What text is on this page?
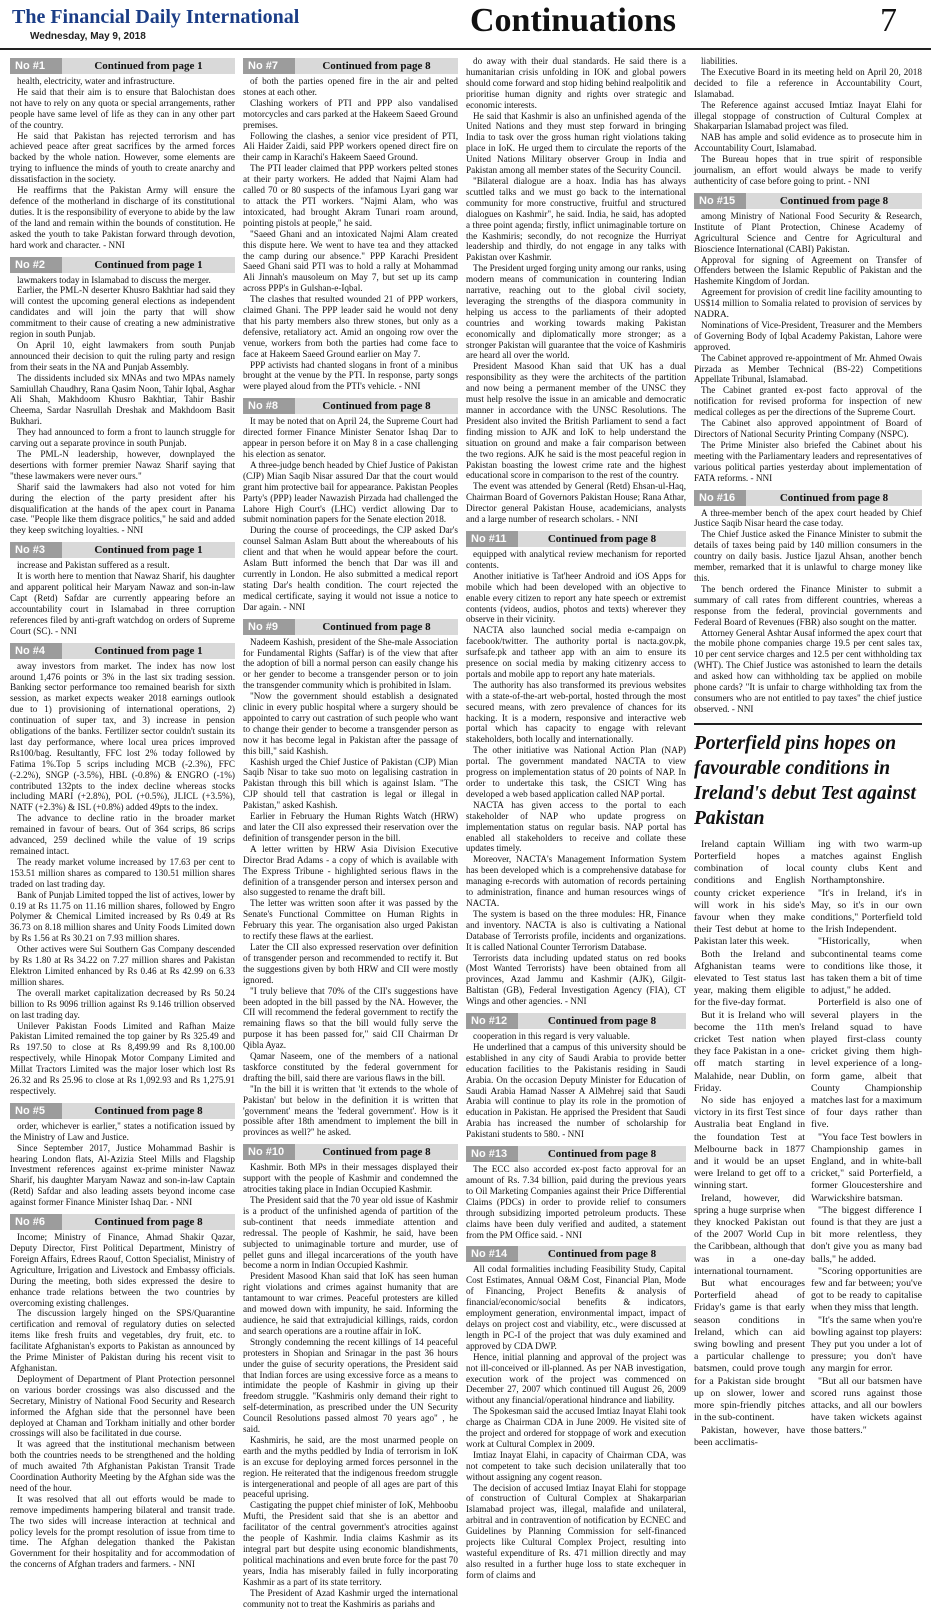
The Financial Daily International
Wednesday, May 9, 2018	Continuations	7
No #1	Continued from page 1

health, electricity, water and infrastructure.

He said that their aim is to ensure that Balochistan does not have to rely on any quota or special arrangements, rather people have same level of life as they can in any other part of the country.

He said that Pakistan has rejected terrorism and has achieved peace after great sacrifices by the armed forces backed by the whole nation. However, some elements are trying to influence the minds of youth to create anarchy and dissatisfaction in the society.

He reaffirms that the Pakistan Army will ensure the defence of the motherland in discharge of its constitutional duties. It is the responsibility of everyone to abide by the law of the land and remain within the bounds of constitution. He asked the youth to take Pakistan forward through devotion, hard work and character. - NNI

No #2	Continued from page 1

lawmakers today in Islamabad to discuss the merger.

Earlier, the PML-N deserter Khusro Bakhtiar had said they will contest the upcoming general elections as independent candidates and will join the party that will show commitment to their cause of creating a new administrative region in south Punjab.

On April 10, eight lawmakers from south Punjab announced their decision to quit the ruling party and resign from their seats in the NA and Punjab Assembly.

The dissidents included six MNAs and two MPAs namely Samiullah Chaudhry, Rana Qasim Noon, Tahir Iqbal, Asghar Ali Shah, Makhdoom Khusro Bakhtiar, Tahir Bashir Cheema, Sardar Nasrullah Dreshak and Makhdoom Basit Bukhari.

They had announced to form a front to launch struggle for carving out a separate province in south Punjab.

The PML-N leadership, however, downplayed the desertions with former premier Nawaz Sharif saying that "these lawmakers were never ours."

Sharif said the lawmakers had also not voted for him during the election of the party president after his disqualification at the hands of the apex court in Panama case. "People like them disgrace politics," he said and added they keep switching loyalties. - NNI

No #3	Continued from page 1

increase and Pakistan suffered as a result.

It is worth here to mention that Nawaz Sharif, his daughter and apparent political heir Maryam Nawaz and son-in-law Capt (Retd) Safdar are currently appearing before an accountability court in Islamabad in three corruption references filed by anti-graft watchdog on orders of Supreme Court (SC). - NNI

No #4	Continued from page 1

away investors from market. The index has now lost around 1,476 points or 3% in the last six trading session. Banking sector performance too remained bearish for sixth session, as market expects weaker 2018 earnings outlook due to 1) provisioning of international operations, 2) continuation of super tax, and 3) increase in pension obligations of the banks. Fertilizer sector couldn't sustain its last day performance, where local urea prices improved Rs100/bag. Resultantly, FFC lost 2% today followed by Fatima 1%.Top 5 scrips including MCB (-2.3%), FFC (-2.2%), SNGP (-3.5%), HBL (-0.8%) & ENGRO (-1%) contributed 132pts to the index decline whereas stocks including MARI (+2.8%), POL (+0.5%), JLICL (+3.5%), NATF (+2.3%) & ISL (+0.8%) added 49pts to the index.

The advance to decline ratio in the broader market remained in favour of bears. Out of 364 scrips, 86 scrips advanced, 259 declined while the value of 19 scrips remained intact.

The ready market volume increased by 17.63 per cent to 153.51 million shares as compared to 130.51 million shares traded on last trading day.

Bank of Punjab Limited topped the list of actives, lower by 0.19 at Rs 11.75 on 11.16 million shares, followed by Engro Polymer & Chemical Limited increased by Rs 0.49 at Rs 36.73 on 8.18 million shares and Unity Foods Limited down by Rs 1.56 at Rs 30.21 on 7.93 million shares.

Other actives were Sui Southern Gas Company descended by Rs 1.80 at Rs 34.22 on 7.27 million shares and Pakistan Elektron Limited enhanced by Rs 0.46 at Rs 42.99 on 6.33 million shares.

The overall market capitalization decreased by Rs 50.24 billion to Rs 9096 trillion against Rs 9.146 trillion observed on last trading day.

Unilever Pakistan Foods Limited and Rafhan Maize Pakistan Limited remained the top gainer by Rs 325.49 and Rs 197.50 to close at Rs 8,499.99 and Rs 8,100.00 respectively, while Hinopak Motor Company Limited and Millat Tractors Limited was the major loser which lost Rs 26.32 and Rs 25.96 to close at Rs 1,092.93 and Rs 1,275.91 respectively.

No #5	Continued from page 8

order, whichever is earlier," states a notification issued by the Ministry of Law and Justice.

Since September 2017, Justice Mohammad Bashir is hearing London flats, Al-Azizia Steel Mills and Flagship Investment references against ex-prime minister Nawaz Sharif, his daughter Maryam Nawaz and son-in-law Captain (Retd) Safdar and also leading assets beyond income case against former Finance Minister Ishaq Dar. - NNI

No #6	Continued from page 8

Income; Ministry of Finance, Ahmad Shakir Qazar, Deputy Director, First Political Department, Ministry of Foreign Affairs, Edrees Raouf, Cotton Specialist, Ministry of Agriculture, Irrigation and Livestock and Embassy officials. During the meeting, both sides expressed the desire to enhance trade relations between the two countries by overcoming existing challenges.

The discussion largely hinged on the SPS/Quarantine certification and removal of regulatory duties on selected items like fresh fruits and vegetables, dry fruit, etc. to facilitate Afghanistan's exports to Pakistan as announced by the Prime Minister of Pakistan during his recent visit to Afghanistan.

Deployment of Department of Plant Protection personnel on various border crossings was also discussed and the Secretary, Ministry of National Food Security and Research informed the Afghan side that the personnel have been deployed at Chaman and Torkham initially and other border crossings will also be facilitated in due course.

It was agreed that the institutional mechanism between both the countries needs to be strengthened and the holding of much awaited 7th Afghanistan Pakistan Transit Trade Coordination Authority Meeting by the Afghan side was the need of the hour.

It was resolved that all out efforts would be made to remove impediments hampering bilateral and transit trade. The two sides will increase interaction at technical and policy levels for the prompt resolution of issue from time to time. The Afghan delegation thanked the Pakistan Government for their hospitality and for accommodation of the concerns of Afghan traders and farmers. - NNI

No #7	Continued from page 8

of both the parties opened fire in the air and pelted stones at each other.

Clashing workers of PTI and PPP also vandalised motorcycles and cars parked at the Hakeem Saeed Ground premises.

Following the clashes, a senior vice president of PTI, Ali Haider Zaidi, said PPP workers opened direct fire on their camp in Karachi's Hakeem Saeed Ground.

The PTI leader claimed that PPP workers pelted stones at their party workers. He added that Najmi Alam had called 70 or 80 suspects of the infamous Lyari gang war to attack the PTI workers. "Najmi Alam, who was intoxicated, had brought Akram Tunari roam around, pointing pistols at people," he said.

"Saeed Ghani and an intoxicated Najmi Alam created this dispute here. We went to have tea and they attacked the camp during our absence." PPP Karachi President Saeed Ghani said PTI was to hold a rally at Mohammad Ali Jinnah's mausoleum on May 7, but set up its camp across PPP's in Gulshan-e-Iqbal.

The clashes that resulted wounded 21 of PPP workers, claimed Ghani. The PPP leader said he would not deny that his party members also threw stones, but only as a defensive, retaliatory act. Amid an ongoing row over the venue, workers from both the parties had come face to face at Hakeem Saeed Ground earlier on May 7.

PPP activists had chanted slogans in front of a minibus brought at the venue by the PTI. In response, party songs were played aloud from the PTI's vehicle. - NNI

No #8	Continued from page 8

It may be noted that on April 24, the Supreme Court had directed former Finance Minister Senator Ishaq Dar to appear in person before it on May 8 in a case challenging his election as senator.

A three-judge bench headed by Chief Justice of Pakistan (CJP) Mian Saqib Nisar assured Dar that the court would grant him protective bail for appearance. Pakistan Peoples Party's (PPP) leader Nawazish Pirzada had challenged the Lahore High Court's (LHC) verdict allowing Dar to submit nomination papers for the Senate election 2018.

During the course of proceedings, the CJP asked Dar's counsel Salman Aslam Butt about the whereabouts of his client and that when he would appear before the court. Aslam Butt informed the bench that Dar was ill and currently in London. He also submitted a medical report stating Dar's health condition. The court rejected the medical certificate, saying it would not issue a notice to Dar again. - NNI

No #9	Continued from page 8

Nadeem Kashish, president of the She-male Association for Fundamental Rights (Saffar) is of the view that after the adoption of bill a normal person can easily change his or her gender to become a transgender person or to join the transgender community which is prohibited in Islam.

"Now the government should establish a designated clinic in every public hospital where a surgery should be appointed to carry out castration of such people who want to change their gender to become a transgender person as now it has become legal in Pakistan after the passage of this bill," said Kashish.

Kashish urged the Chief Justice of Pakistan (CJP) Mian Saqib Nisar to take suo moto on legalising castration in Pakistan through this bill which is against Islam. "The CJP should tell that castration is legal or illegal in Pakistan," asked Kashish.

Earlier in February the Human Rights Watch (HRW) and later the CII also expressed their reservation over the definition of transgender person in the bill.

A letter written by HRW Asia Division Executive Director Brad Adams - a copy of which is available with The Express Tribune - highlighted serious flaws in the definition of a transgender person and intersex person and also suggested to rename the draft bill.

The letter was written soon after it was passed by the Senate's Functional Committee on Human Rights in February this year. The organisation also urged Pakistan to rectify these flaws at the earliest.

Later the CII also expressed reservation over definition of transgender person and recommended to rectify it. But the suggestions given by both HRW and CII were mostly ignored.

"I truly believe that 70% of the CII's suggestions have been adopted in the bill passed by the NA. However, the CII will recommend the federal government to rectify the remaining flaws so that the bill would fully serve the purpose it has been passed for," said CII Chairman Dr Qibla Ayaz.

Qamar Naseem, one of the members of a national taskforce constituted by the federal government for drafting the bill, said there are various flaws in the bill.

"In the bill it is written that 'it extends to the whole of Pakistan' but below in the definition it is written that 'government' means the 'federal government'. How is it possible after 18th amendment to implement the bill in provinces as well?" he asked.

No #10	Continued from page 8

Kashmir. Both MPs in their messages displayed their support with the people of Kashmir and condemned the atrocities taking place in Indian Occupied Kashmir.

The President said that the 70 year old issue of Kashmir is a product of the unfinished agenda of partition of the sub-continent that needs immediate attention and redressal. The people of Kashmir, he said, have been subjected to unimaginable torture and murder, use of pellet guns and illegal incarcerations of the youth have become a norm in Indian Occupied Kashmir.

President Masood Khan said that IoK has seen human right violations and crimes against humanity that are tantamount to war crimes. Peaceful protesters are killed and mowed down with impunity, he said. Informing the audience, he said that extrajudicial killings, raids, cordon and search operations are a routine affair in IoK.

Strongly condemning the recent killings of 14 peaceful protesters in Shopian and Srinagar in the past 36 hours under the guise of security operations, the President said that Indian forces are using excessive force as a means to intimidate the people of Kashmir in giving up their freedom struggle. "Kashmiris only demand their right to self-determination, as prescribed under the UN Security Council Resolutions passed almost 70 years ago" , he said.

Kashmiris, he said, are the most unarmed people on earth and the myths peddled by India of terrorism in IoK is an excuse for deploying armed forces personnel in the region. He reiterated that the indigenous freedom struggle is intergenerational and people of all ages are part of this peaceful uprising.

Castigating the puppet chief minister of IoK, Mehboobu Mufti, the President said that she is an abettor and facilitator of the central government's atrocities against the people of Kashmir. India claims Kashmir as its integral part but despite using economic blandishments, political machinations and even brute force for the past 70 years, India has miserably failed in fully incorporating Kashmir as a part of its state territory.

The President of Azad Kashmir urged the international community not to treat the Kashmiris as pariahs and

do away with their dual standards. He said there is a humanitarian crisis unfolding in IOK and global powers should come forward and stop hiding behind realpolitik and prioritise human dignity and rights over strategic and economic interests.

He said that Kashmir is also an unfinished agenda of the United Nations and they must step forward in bringing India to task over the gross human right violations taking place in IoK. He urged them to circulate the reports of the United Nations Military observer Group in India and Pakistan among all member states of the Security Council.

"Bilateral dialogue are a hoax. India has has always scuttled talks and we must go back to the international community for more constructive, fruitful and structured dialogues on Kashmir", he said. India, he said, has adopted a three point agenda; firstly, inflict unimaginable torture on the Kashmiris; secondly, do not recognize the Hurriyat leadership and thirdly, do not engage in any talks with Pakistan over Kashmir.

The President urged forging unity among our ranks, using modern means of communication in countering Indian narrative, reaching out to the global civil society, leveraging the strengths of the diaspora community in helping us access to the parliaments of their adopted countries and working towards making Pakistan economically and diplomatically more stronger; as a stronger Pakistan will guarantee that the voice of Kashmiris are heard all over the world.

President Masood Khan said that UK has a dual responsibility as they were the architects of the partition and now being a permanent member of the UNSC they must help resolve the issue in an amicable and democratic manner in accordance with the UNSC Resolutions. The President also invited the British Parliament to send a fact finding mission to AJK and IoK to help understand the situation on ground and make a fair comparison between the two regions. AJK he said is the most peaceful region in Pakistan boasting the lowest crime rate and the highest educational score in comparison to the rest of the country.

The event was attended by General (Retd) Ehsan-ul-Haq, Chairman Board of Governors Pakistan House; Rana Athar, Director general Pakistan House, academicians, analysts and a large number of research scholars. - NNI

No #11	Continued from page 8

equipped with analytical review mechanism for reported contents.

Another initiative is Tat'heer Android and iOS Apps for mobile which had been developed with an objective to enable every citizen to report any hate speech or extremist contents (videos, audios, photos and texts) wherever they observe in their vicinity.

NACTA also launched social media e-campaign on facebook/twitter. The authority portal is nacta.gov.pk, surfsafe.pk and tatheer app with an aim to ensure its presence on social media by making citizenry access to portals and mobile app to report any hate materials.

The authority has also transformed its previous websites with a state-of-the-art web-portal, hosted through the most secured means, with zero prevalence of chances for its hacking. It is a modern, responsive and interactive web portal which has capacity to engage with relevant stakeholders, both locally and internationally.

The other initiative was National Action Plan (NAP) portal. The government mandated NACTA to view progress on implementation status of 20 points of NAP. In order to undertake this task, the CSICT Wing has developed a web based application called NAP portal.

NACTA has given access to the portal to each stakeholder of NAP who update progress on implementation status on regular basis. NAP portal has enabled all stakeholders to receive and collate these updates timely.

Moreover, NACTA's Management Information System has been developed which is a comprehensive database for managing e-records with automation of records pertaining to administration, finance and human resources wings of NACTA.

The system is based on the three modules: HR, Finance and inventory. NACTA is also is cultivating a National Database of Terrorists profile, incidents and organizations. It is called National Counter Terrorism Database.

Terrorists data including updated status on red books (Most Wanted Terrorists) have been obtained from all provinces, Azad Jammu and Kashmir (AJK), Gilgit-Baltistan (GB), Federal Investigation Agency (FIA), CT Wings and other agencies. - NNI

No #12	Continued from page 8

cooperation in this regard is very valuable.

He underlined that a campus of this university should be established in any city of Saudi Arabia to provide better education facilities to the Pakistanis residing in Saudi Arabia. On the occasion Deputy Minister for Education of Saudi Arabia Hamad Nasser A AlMehrej said that Saudi Arabia will continue to play its role in the promotion of education in Pakistan. He apprised the President that Saudi Arabia has increased the number of scholarship for Pakistani students to 580. - NNI

No #13	Continued from page 8

The ECC also accorded ex-post facto approval for an amount of Rs. 7.34 billion, paid during the previous years to Oil Marketing Companies against their Price Differential Claims (PDCs) in order to provide relief to consumers through subsidizing imported petroleum products. These claims have been duly verified and audited, a statement from the PM Office said. - NNI

No #14	Continued from page 8

All codal formalities including Feasibility Study, Capital Cost Estimates, Annual O&M Cost, Financial Plan, Mode of Financing, Project Benefits & analysis of financial/economic/social benefits & indicators, employment generation, environmental impact, impact of delays on project cost and viability, etc., were discussed at length in PC-I of the project that was duly examined and approved by CDA DWP.

Hence, initial planning and approval of the project was not ill-conceived or ill-planned. As per NAB investigation, execution work of the project was commenced on December 27, 2007 which continued till August 26, 2009 without any financial/operational hindrance and liability.

The Spokesman said the accused Imtiaz Inayat Elahi took charge as Chairman CDA in June 2009. He visited site of the project and ordered for stoppage of work and execution work at Cultural Complex in 2009.

Imtiaz Inayat Elahi, in capacity of Chairman CDA, was not competent to take such decision unilaterally that too without assigning any cogent reason.

The decision of accused Imtiaz Inayat Elahi for stoppage of construction of Cultural Complex at Shakarparian Islamabad project was, illegal, malafide and unilateral, arbitral and in contravention of notification by ECNEC and Guidelines by Planning Commission for self-financed projects like Cultural Complex Project, resulting into wasteful expenditure of Rs. 471 million directly and may also resulted in a further huge loss to state exchequer in form of claims and

liabilities.

The Executive Board in its meeting held on April 20, 2018 decided to file a reference in Accountability Court, Islamabad.

The Reference against accused Imtiaz Inayat Elahi for illegal stoppage of construction of Cultural Complex at Shakarparian Islamabad project was filed.

NAB has ample and solid evidence as to prosecute him in Accountability Court, Islamabad.

The Bureau hopes that in true spirit of responsible journalism, an effort would always be made to verify authenticity of case before going to print. - NNI

No #15	Continued from page 8

among Ministry of National Food Security & Research, Institute of Plant Protection, Chinese Academy of Agricultural Science and Centre for Agricultural and Bioscience International (CABI) Pakistan.

Approval for signing of Agreement on Transfer of Offenders between the Islamic Republic of Pakistan and the Hashemite Kingdom of Jordan.

Agreement for provision of credit line facility amounting to US$14 million to Somalia related to provision of services by NADRA.

Nominations of Vice-President, Treasurer and the Members of Governing Body of Iqbal Academy Pakistan, Lahore were approved.

The Cabinet approved re-appointment of Mr. Ahmed Owais Pirzada as Member Technical (BS-22) Competitions Appellate Tribunal, Islamabad.

The Cabinet granted ex-post facto approval of the notification for revised proforma for inspection of new medical colleges as per the directions of the Supreme Court.

The Cabinet also approved appointment of Board of Directors of National Security Printing Company (NSPC).

The Prime Minister also briefed the Cabinet about his meeting with the Parliamentary leaders and representatives of various political parties yesterday about implementation of FATA reforms. - NNI

No #16	Continued from page 8

A three-member bench of the apex court headed by Chief Justice Saqib Nisar heard the case today.

The Chief Justice asked the Finance Minister to submit the details of taxes being paid by 140 million consumers in the country on daily basis. Justice Ijazul Ahsan, another bench member, remarked that it is unlawful to charge money like this.

The bench ordered the Finance Minister to submit a summary of call rates from different countries, whereas a response from the federal, provincial governments and Federal Board of Revenues (FBR) also sought on the matter.

Attorney General Ashtar Ausaf informed the apex court that the mobile phone companies charge 19.5 per cent sales tax, 10 per cent service charges and 12.5 per cent withholding tax (WHT). The Chief Justice was astonished to learn the details and asked how can withholding tax be applied on mobile phone cards? "It is unfair to charge withholding tax from the consumers who are not entitled to pay taxes" the chief justice observed. - NNI

Porterfield pins hopes on favourable conditions in Ireland's debut Test against Pakistan

Ireland captain William Porterfield hopes a combination of local conditions and English county cricket experience will work in his side's favour when they make their Test debut at home to Pakistan later this week.

Both the Ireland and Afghanistan teams were elevated to Test status last year, making them eligible for the five-day format.

But it is Ireland who will become the 11th men's cricket Test nation when they face Pakistan in a one-off match starting in Malahide, near Dublin, on Friday.

No side has enjoyed a victory in its first Test since Australia beat England in the foundation Test at Melbourne back in 1877 and it would be an upset were Ireland to get off to a winning start.

Ireland, however, did spring a huge surprise when they knocked Pakistan out of the 2007 World Cup in the Caribbean, although that was in a one-day international tournament.

But what encourages Porterfield ahead of Friday's game is that early season conditions in Ireland, which can aid swing bowling and present a particular challenge to batsmen, could prove tough for a Pakistan side brought up on slower, lower and more spin-friendly pitches in the sub-continent.

Pakistan, however, have been acclimatis-

ing with two warm-up matches against English county clubs Kent and Northamptonshire.

"It's in Ireland, it's in May, so it's in our own conditions," Porterfield told the Irish Independent.

"Historically, when subcontinental teams come to conditions like those, it has taken them a bit of time to adjust," he added.

Porterfield is also one of several players in the Ireland squad to have played first-class county cricket giving them high-level experience of a long-form game, albeit that County Championship matches last for a maximum of four days rather than five.

"You face Test bowlers in Championship games in England, and in white-ball cricket," said Porterfield, a former Gloucestershire and Warwickshire batsman.

"The biggest difference I found is that they are just a bit more relentless, they don't give you as many bad balls," he added.

"Scoring opportunities are few and far between; you've got to be ready to capitalise when they miss that length.

"It's the same when you're bowling against top players: They put you under a lot of pressure; you don't have any margin for error.

"But all our batsmen have scored runs against those attacks, and all our bowlers have taken wickets against those batters."
